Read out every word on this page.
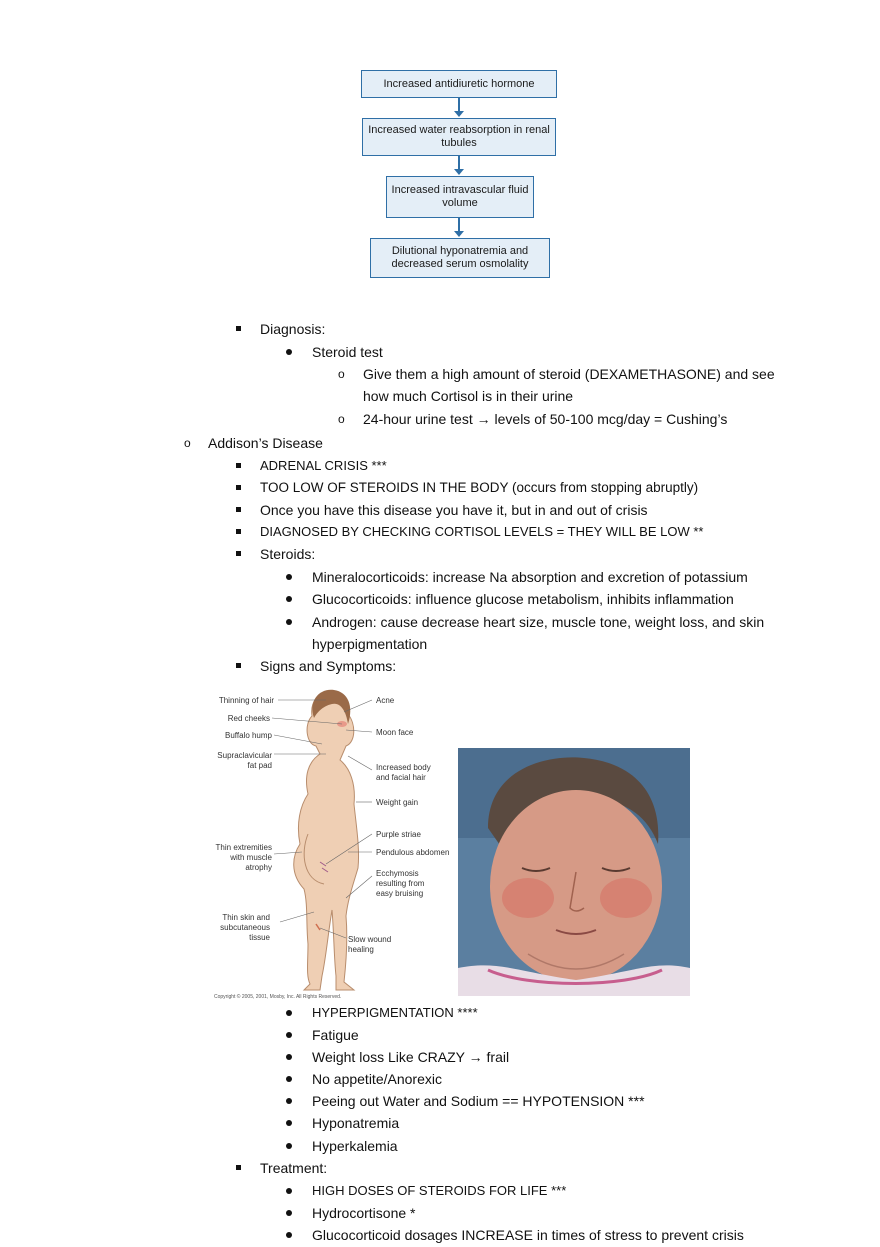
Increased antidiuretic hormone
Increased water reabsorption in renal tubules
Increased intravascular fluid volume
Dilutional hyponatremia and decreased serum osmolality
Diagnosis:
Steroid test
o Give them a high amount of steroid (DEXAMETHASONE) and see
how much Cortisol is in their urine
o 24-hour urine test → levels of 50-100 mcg/day = Cushing’s
o Addison’s Disease
ADRENAL CRISIS ***
TOO LOW OF STEROIDS IN THE BODY (occurs from stopping abruptly)
Once you have this disease you have it, but in and out of crisis
DIAGNOSED BY CHECKING CORTISOL LEVELS = THEY WILL BE LOW **
Steroids:
Mineralocorticoids: increase Na absorption and excretion of potassium
Glucocorticoids: influence glucose metabolism, inhibits inflammation
Androgen: cause decrease heart size, muscle tone, weight loss, and skin
hyperpigmentation
Signs and Symptoms:
Thinning of hair
Red cheeks
Buffalo hump
Supraclavicular
fat pad
Thin extremities
with muscle
atrophy
Thin skin and
subcutaneous
tissue
Acne
Moon face
Increased body
and facial hair
Weight gain
Purple striae
Pendulous abdomen
Ecchymosis
resulting from
easy bruising
Slow wound
healing
Copyright © 2005, 2001, Mosby, Inc. All Rights Reserved.
HYPERPIGMENTATION ****
Fatigue
Weight loss Like CRAZY → frail
No appetite/Anorexic
Peeing out Water and Sodium == HYPOTENSION ***
Hyponatremia
Hyperkalemia
Treatment:
HIGH DOSES OF STEROIDS FOR LIFE ***
Hydrocortisone *
Glucocorticoid dosages INCREASE in times of stress to prevent crisis
